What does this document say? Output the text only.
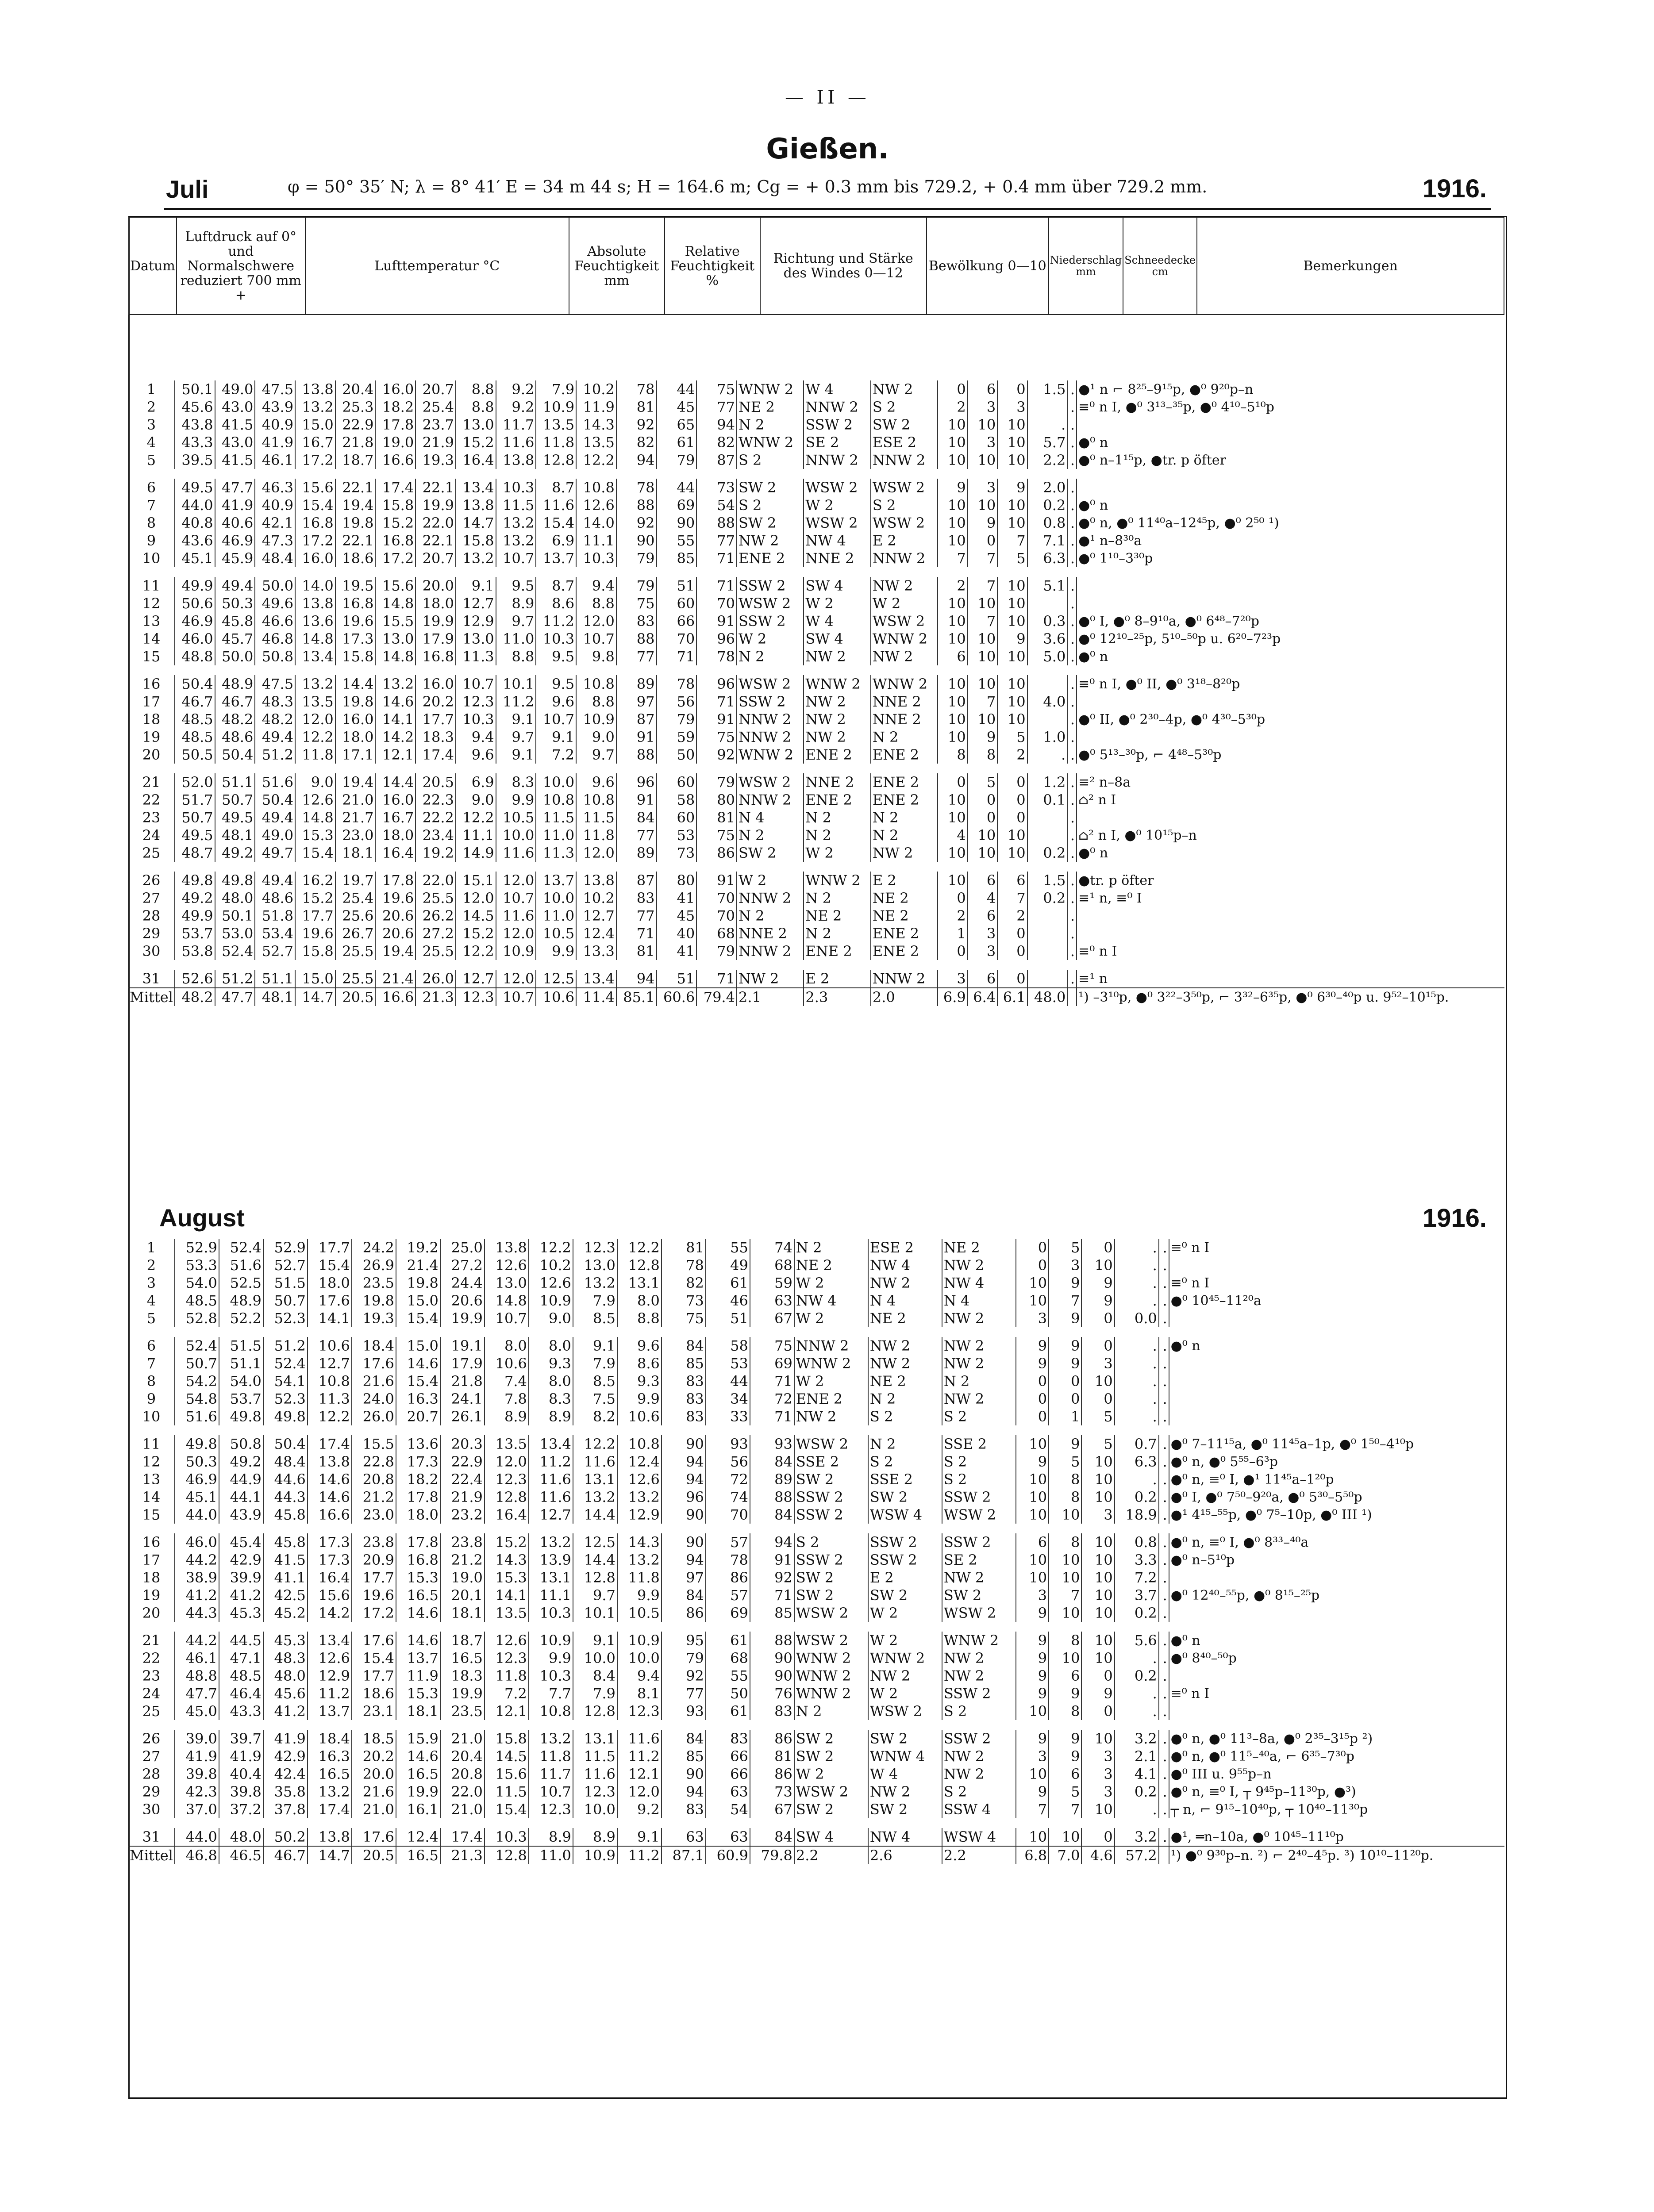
— II —
Gießen.
Juli	φ = 50° 35′ N; λ = 8° 41′ E = 34 m 44 s; H = 164.6 m; Cg = + 0.3 mm bis 729.2, + 0.4 mm über 729.2 mm.	1916.
Datum	Luftdruck auf 0° und Normalschwere reduziert 700 mm +	Lufttemperatur °C	Absolute Feuchtigkeit mm	Relative Feuchtigkeit %	Richtung und Stärke des Windes 0—12	Bewölkung 0—10	Niederschlag mm	Schneedecke cm	Bemerkungen
1	50.1	49.0	47.5	13.8	20.4	16.0	20.7	8.8	9.2	7.9	10.2	78	44	75	WNW 2	W 4	NW 2	0	6	0	1.5	.	●¹ n ⌐ 8²⁵–9¹⁵p, ●⁰ 9²⁰p–n
2	45.6	43.0	43.9	13.2	25.3	18.2	25.4	8.8	9.2	10.9	11.9	81	45	77	NE 2	NNW 2	S 2	2	3	3		.	≡⁰ n I, ●⁰ 3¹³–³⁵p, ●⁰ 4¹⁰–5¹⁰p
3	43.8	41.5	40.9	15.0	22.9	17.8	23.7	13.0	11.7	13.5	14.3	92	65	94	N 2	SSW 2	SW 2	10	10	10	.	.	
4	43.3	43.0	41.9	16.7	21.8	19.0	21.9	15.2	11.6	11.8	13.5	82	61	82	WNW 2	SE 2	ESE 2	10	3	10	5.7	.	●⁰ n
5	39.5	41.5	46.1	17.2	18.7	16.6	19.3	16.4	13.8	12.8	12.2	94	79	87	S 2	NNW 2	NNW 2	10	10	10	2.2	.	●⁰ n–1¹⁵p, ●tr. p öfter

6	49.5	47.7	46.3	15.6	22.1	17.4	22.1	13.4	10.3	8.7	10.8	78	44	73	SW 2	WSW 2	WSW 2	9	3	9	2.0	.	
7	44.0	41.9	40.9	15.4	19.4	15.8	19.9	13.8	11.5	11.6	12.6	88	69	54	S 2	W 2	S 2	10	10	10	0.2	.	●⁰ n
8	40.8	40.6	42.1	16.8	19.8	15.2	22.0	14.7	13.2	15.4	14.0	92	90	88	SW 2	WSW 2	WSW 2	10	9	10	0.8	.	●⁰ n, ●⁰ 11⁴⁰a–12⁴⁵p, ●⁰ 2⁵⁰ ¹)
9	43.6	46.9	47.3	17.2	22.1	16.8	22.1	15.8	13.2	6.9	11.1	90	55	77	NW 2	NW 4	E 2	10	0	7	7.1	.	●¹ n–8³⁰a
10	45.1	45.9	48.4	16.0	18.6	17.2	20.7	13.2	10.7	13.7	10.3	79	85	71	ENE 2	NNE 2	NNW 2	7	7	5	6.3	.	●⁰ 1¹⁰–3³⁰p

11	49.9	49.4	50.0	14.0	19.5	15.6	20.0	9.1	9.5	8.7	9.4	79	51	71	SSW 2	SW 4	NW 2	2	7	10	5.1	.	
12	50.6	50.3	49.6	13.8	16.8	14.8	18.0	12.7	8.9	8.6	8.8	75	60	70	WSW 2	W 2	W 2	10	10	10		.	
13	46.9	45.8	46.6	13.6	19.6	15.5	19.9	12.9	9.7	11.2	12.0	83	66	91	SSW 2	W 4	WSW 2	10	7	10	0.3	.	●⁰ I, ●⁰ 8–9¹⁰a, ●⁰ 6⁴⁸–7²⁰p
14	46.0	45.7	46.8	14.8	17.3	13.0	17.9	13.0	11.0	10.3	10.7	88	70	96	W 2	SW 4	WNW 2	10	10	9	3.6	.	●⁰ 12¹⁰–²⁵p, 5¹⁰–⁵⁰p u. 6²⁰–7²³p
15	48.8	50.0	50.8	13.4	15.8	14.8	16.8	11.3	8.8	9.5	9.8	77	71	78	N 2	NW 2	NW 2	6	10	10	5.0	.	●⁰ n

16	50.4	48.9	47.5	13.2	14.4	13.2	16.0	10.7	10.1	9.5	10.8	89	78	96	WSW 2	WNW 2	WNW 2	10	10	10		.	≡⁰ n I, ●⁰ II, ●⁰ 3¹⁸–8²⁰p
17	46.7	46.7	48.3	13.5	19.8	14.6	20.2	12.3	11.2	9.6	8.8	97	56	71	SSW 2	NW 2	NNE 2	10	7	10	4.0	.	
18	48.5	48.2	48.2	12.0	16.0	14.1	17.7	10.3	9.1	10.7	10.9	87	79	91	NNW 2	NW 2	NNE 2	10	10	10		.	●⁰ II, ●⁰ 2³⁰–4p, ●⁰ 4³⁰–5³⁰p
19	48.5	48.6	49.4	12.2	18.0	14.2	18.3	9.4	9.7	9.1	9.0	91	59	75	NNW 2	NW 2	N 2	10	9	5	1.0	.	
20	50.5	50.4	51.2	11.8	17.1	12.1	17.4	9.6	9.1	7.2	9.7	88	50	92	WNW 2	ENE 2	ENE 2	8	8	2	.	.	●⁰ 5¹³–³⁰p, ⌐ 4⁴⁸–5³⁰p

21	52.0	51.1	51.6	9.0	19.4	14.4	20.5	6.9	8.3	10.0	9.6	96	60	79	WSW 2	NNE 2	ENE 2	0	5	0	1.2	.	≡² n–8a
22	51.7	50.7	50.4	12.6	21.0	16.0	22.3	9.0	9.9	10.8	10.8	91	58	80	NNW 2	ENE 2	ENE 2	10	0	0	0.1	.	⌂² n I
23	50.7	49.5	49.4	14.8	21.7	16.7	22.2	12.2	10.5	11.5	11.5	84	60	81	N 4	N 2	N 2	10	0	0		.	
24	49.5	48.1	49.0	15.3	23.0	18.0	23.4	11.1	10.0	11.0	11.8	77	53	75	N 2	N 2	N 2	4	10	10		.	⌂² n I, ●⁰ 10¹⁵p–n
25	48.7	49.2	49.7	15.4	18.1	16.4	19.2	14.9	11.6	11.3	12.0	89	73	86	SW 2	W 2	NW 2	10	10	10	0.2	.	●⁰ n

26	49.8	49.8	49.4	16.2	19.7	17.8	22.0	15.1	12.0	13.7	13.8	87	80	91	W 2	WNW 2	E 2	10	6	6	1.5	.	●tr. p öfter
27	49.2	48.0	48.6	15.2	25.4	19.6	25.5	12.0	10.7	10.0	10.2	83	41	70	NNW 2	N 2	NE 2	0	4	7	0.2	.	≡¹ n, ≡⁰ I
28	49.9	50.1	51.8	17.7	25.6	20.6	26.2	14.5	11.6	11.0	12.7	77	45	70	N 2	NE 2	NE 2	2	6	2		.	
29	53.7	53.0	53.4	19.6	26.7	20.6	27.2	15.2	12.0	10.5	12.4	71	40	68	NNE 2	N 2	ENE 2	1	3	0		.	
30	53.8	52.4	52.7	15.8	25.5	19.4	25.5	12.2	10.9	9.9	13.3	81	41	79	NNW 2	ENE 2	ENE 2	0	3	0		.	≡⁰ n I

31	52.6	51.2	51.1	15.0	25.5	21.4	26.0	12.7	12.0	12.5	13.4	94	51	71	NW 2	E 2	NNW 2	3	6	0		.	≡¹ n
Mittel	48.2	47.7	48.1	14.7	20.5	16.6	21.3	12.3	10.7	10.6	11.4	85.1	60.6	79.4	2.1	2.3	2.0	6.9	6.4	6.1	48.0		¹) –3¹⁰p, ●⁰ 3²²–3⁵⁰p, ⌐ 3³²–6³⁵p, ●⁰ 6³⁰–⁴⁰p u. 9⁵²–10¹⁵p.
August	1916.
1	52.9	52.4	52.9	17.7	24.2	19.2	25.0	13.8	12.2	12.3	12.2	81	55	74	N 2	ESE 2	NE 2	0	5	0	.	.	≡⁰ n I
2	53.3	51.6	52.7	15.4	26.9	21.4	27.2	12.6	10.2	13.0	12.8	78	49	68	NE 2	NW 4	NW 2	0	3	10	.	.	
3	54.0	52.5	51.5	18.0	23.5	19.8	24.4	13.0	12.6	13.2	13.1	82	61	59	W 2	NW 2	NW 4	10	9	9	.	.	≡⁰ n I
4	48.5	48.9	50.7	17.6	19.8	15.0	20.6	14.8	10.9	7.9	8.0	73	46	63	NW 4	N 4	N 4	10	7	9	.	.	●⁰ 10⁴⁵–11²⁰a
5	52.8	52.2	52.3	14.1	19.3	15.4	19.9	10.7	9.0	8.5	8.8	75	51	67	W 2	NE 2	NW 2	3	9	0	0.0	.	

6	52.4	51.5	51.2	10.6	18.4	15.0	19.1	8.0	8.0	9.1	9.6	84	58	75	NNW 2	NW 2	NW 2	9	9	0	.	.	●⁰ n
7	50.7	51.1	52.4	12.7	17.6	14.6	17.9	10.6	9.3	7.9	8.6	85	53	69	WNW 2	NW 2	NW 2	9	9	3	.	.	
8	54.2	54.0	54.1	10.8	21.6	15.4	21.8	7.4	8.0	8.5	9.3	83	44	71	W 2	NE 2	N 2	0	0	10	.	.	
9	54.8	53.7	52.3	11.3	24.0	16.3	24.1	7.8	8.3	7.5	9.9	83	34	72	ENE 2	N 2	NW 2	0	0	0	.	.	
10	51.6	49.8	49.8	12.2	26.0	20.7	26.1	8.9	8.9	8.2	10.6	83	33	71	NW 2	S 2	S 2	0	1	5	.	.	

11	49.8	50.8	50.4	17.4	15.5	13.6	20.3	13.5	13.4	12.2	10.8	90	93	93	WSW 2	N 2	SSE 2	10	9	5	0.7	.	●⁰ 7–11¹⁵a, ●⁰ 11⁴⁵a–1p, ●⁰ 1⁵⁰–4¹⁰p
12	50.3	49.2	48.4	13.8	22.8	17.3	22.9	12.0	11.2	11.6	12.4	94	56	84	SSE 2	S 2	S 2	9	5	10	6.3	.	●⁰ n, ●⁰ 5⁵⁵–6³p
13	46.9	44.9	44.6	14.6	20.8	18.2	22.4	12.3	11.6	13.1	12.6	94	72	89	SW 2	SSE 2	S 2	10	8	10	.	.	●⁰ n, ≡⁰ I, ●¹ 11⁴⁵a–1²⁰p
14	45.1	44.1	44.3	14.6	21.2	17.8	21.9	12.8	11.6	13.2	13.2	96	74	88	SSW 2	SW 2	SSW 2	10	8	10	0.2	.	●⁰ I, ●⁰ 7⁵⁰–9²⁰a, ●⁰ 5³⁰–5⁵⁰p
15	44.0	43.9	45.8	16.6	23.0	18.0	23.2	16.4	12.7	14.4	12.9	90	70	84	SSW 2	WSW 4	WSW 2	10	10	3	18.9	.	●¹ 4¹⁵–⁵⁵p, ●⁰ 7⁵–10p, ●⁰ III ¹)

16	46.0	45.4	45.8	17.3	23.8	17.8	23.8	15.2	13.2	12.5	14.3	90	57	94	S 2	SSW 2	SSW 2	6	8	10	0.8	.	●⁰ n, ≡⁰ I, ●⁰ 8³³–⁴⁰a
17	44.2	42.9	41.5	17.3	20.9	16.8	21.2	14.3	13.9	14.4	13.2	94	78	91	SSW 2	SSW 2	SE 2	10	10	10	3.3	.	●⁰ n–5¹⁰p
18	38.9	39.9	41.1	16.4	17.7	15.3	19.0	15.3	13.1	12.8	11.8	97	86	92	SW 2	E 2	NW 2	10	10	10	7.2	.	
19	41.2	41.2	42.5	15.6	19.6	16.5	20.1	14.1	11.1	9.7	9.9	84	57	71	SW 2	SW 2	SW 2	3	7	10	3.7	.	●⁰ 12⁴⁰–⁵⁵p, ●⁰ 8¹⁵–²⁵p
20	44.3	45.3	45.2	14.2	17.2	14.6	18.1	13.5	10.3	10.1	10.5	86	69	85	WSW 2	W 2	WSW 2	9	10	10	0.2	.	

21	44.2	44.5	45.3	13.4	17.6	14.6	18.7	12.6	10.9	9.1	10.9	95	61	88	WSW 2	W 2	WNW 2	9	8	10	5.6	.	●⁰ n
22	46.1	47.1	48.3	12.6	15.4	13.7	16.5	12.3	9.9	10.0	10.0	79	68	90	WNW 2	WNW 2	NW 2	9	10	10	.	.	●⁰ 8⁴⁰–⁵⁰p
23	48.8	48.5	48.0	12.9	17.7	11.9	18.3	11.8	10.3	8.4	9.4	92	55	90	WNW 2	NW 2	NW 2	9	6	0	0.2	.	
24	47.7	46.4	45.6	11.2	18.6	15.3	19.9	7.2	7.7	7.9	8.1	77	50	76	WNW 2	W 2	SSW 2	9	9	9	.	.	≡⁰ n I
25	45.0	43.3	41.2	13.7	23.1	18.1	23.5	12.1	10.8	12.8	12.3	93	61	83	N 2	WSW 2	S 2	10	8	0	.	.	

26	39.0	39.7	41.9	18.4	18.5	15.9	21.0	15.8	13.2	13.1	11.6	84	83	86	SW 2	SW 2	SSW 2	9	9	10	3.2	.	●⁰ n, ●⁰ 11³–8a, ●⁰ 2³⁵–3¹⁵p ²)
27	41.9	41.9	42.9	16.3	20.2	14.6	20.4	14.5	11.8	11.5	11.2	85	66	81	SW 2	WNW 4	NW 2	3	9	3	2.1	.	●⁰ n, ●⁰ 11⁵–⁴⁰a, ⌐ 6³⁵–7³⁰p
28	39.8	40.4	42.4	16.5	20.0	16.5	20.8	15.6	11.7	11.6	12.1	90	66	86	W 2	W 4	NW 2	10	6	3	4.1	.	●⁰ III u. 9⁵⁵p–n
29	42.3	39.8	35.8	13.2	21.6	19.9	22.0	11.5	10.7	12.3	12.0	94	63	73	WSW 2	NW 2	S 2	9	5	3	0.2	.	●⁰ n, ≡⁰ I, ┬ 9⁴⁵p–11³⁰p, ●³)
30	37.0	37.2	37.8	17.4	21.0	16.1	21.0	15.4	12.3	10.0	9.2	83	54	67	SW 2	SW 2	SSW 4	7	7	10	.	.	┬ n, ⌐ 9¹⁵–10⁴⁰p, ┬ 10⁴⁰–11³⁰p

31	44.0	48.0	50.2	13.8	17.6	12.4	17.4	10.3	8.9	8.9	9.1	63	63	84	SW 4	NW 4	WSW 4	10	10	0	3.2	.	●¹, ═n–10a, ●⁰ 10⁴⁵–11¹⁰p
Mittel	46.8	46.5	46.7	14.7	20.5	16.5	21.3	12.8	11.0	10.9	11.2	87.1	60.9	79.8	2.2	2.6	2.2	6.8	7.0	4.6	57.2		¹) ●⁰ 9³⁰p–n. ²) ⌐ 2⁴⁰–4⁵p. ³) 10¹⁰–11²⁰p.
